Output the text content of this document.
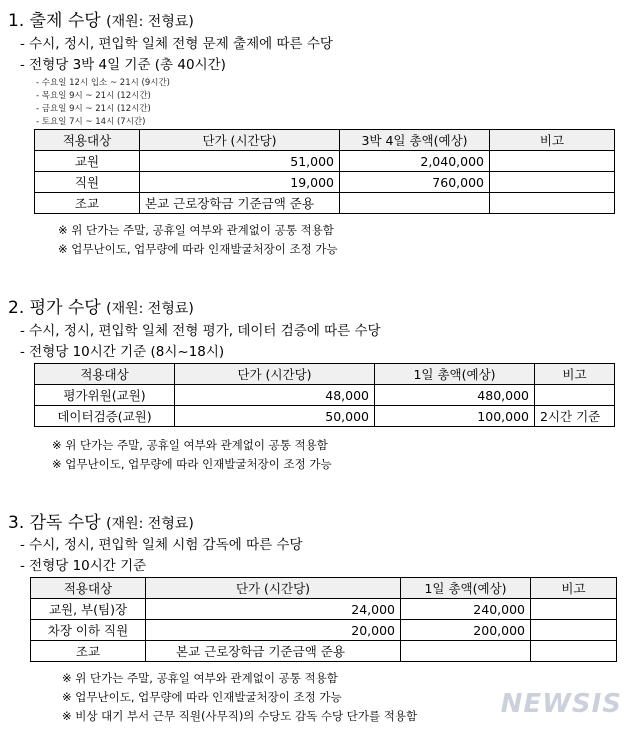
1. 출제 수당 (재원: 전형료)
- 수시, 정시, 편입학 일체 전형 문제 출제에 따른 수당
- 전형당 3박 4일 기준 (총 40시간)
- 수요일 12시 입소 ~ 21시 (9시간)
- 목요일 9시 ~ 21시 (12시간)
- 금요일 9시 ~ 21시 (12시간)
- 토요일 7시 ~ 14시 (7시간)
적용대상	단가 (시간당)	3박 4일 총액(예상)	비고
교원	51,000	2,040,000	
직원	19,000	760,000	
조교	본교 근로장학금 기준금액 준용		
※ 위 단가는 주말, 공휴일 여부와 관계없이 공통 적용함
※ 업무난이도, 업무량에 따라 인재발굴처장이 조정 가능
2. 평가 수당 (재원: 전형료)
- 수시, 정시, 편입학 일체 전형 평가, 데이터 검증에 따른 수당
- 전형당 10시간 기준 (8시~18시)
적용대상	단가 (시간당)	1일 총액(예상)	비고
평가위원(교원)	48,000	480,000	
데이터검증(교원)	50,000	100,000	2시간 기준
※ 위 단가는 주말, 공휴일 여부와 관계없이 공통 적용함
※ 업무난이도, 업무량에 따라 인재발굴처장이 조정 가능
3. 감독 수당 (재원: 전형료)
- 수시, 정시, 편입학 일체 시험 감독에 따른 수당
- 전형당 10시간 기준
적용대상	단가 (시간당)	1일 총액(예상)	비고
교원, 부(팀)장	24,000	240,000	
차장 이하 직원	20,000	200,000	
조교	본교 근로장학금 기준금액 준용		
※ 위 단가는 주말, 공휴일 여부와 관계없이 공통 적용함
※ 업무난이도, 업무량에 따라 인재발굴처장이 조정 가능
※ 비상 대기 부서 근무 직원(사무직)의 수당도 감독 수당 단가를 적용함	NEWSIS
